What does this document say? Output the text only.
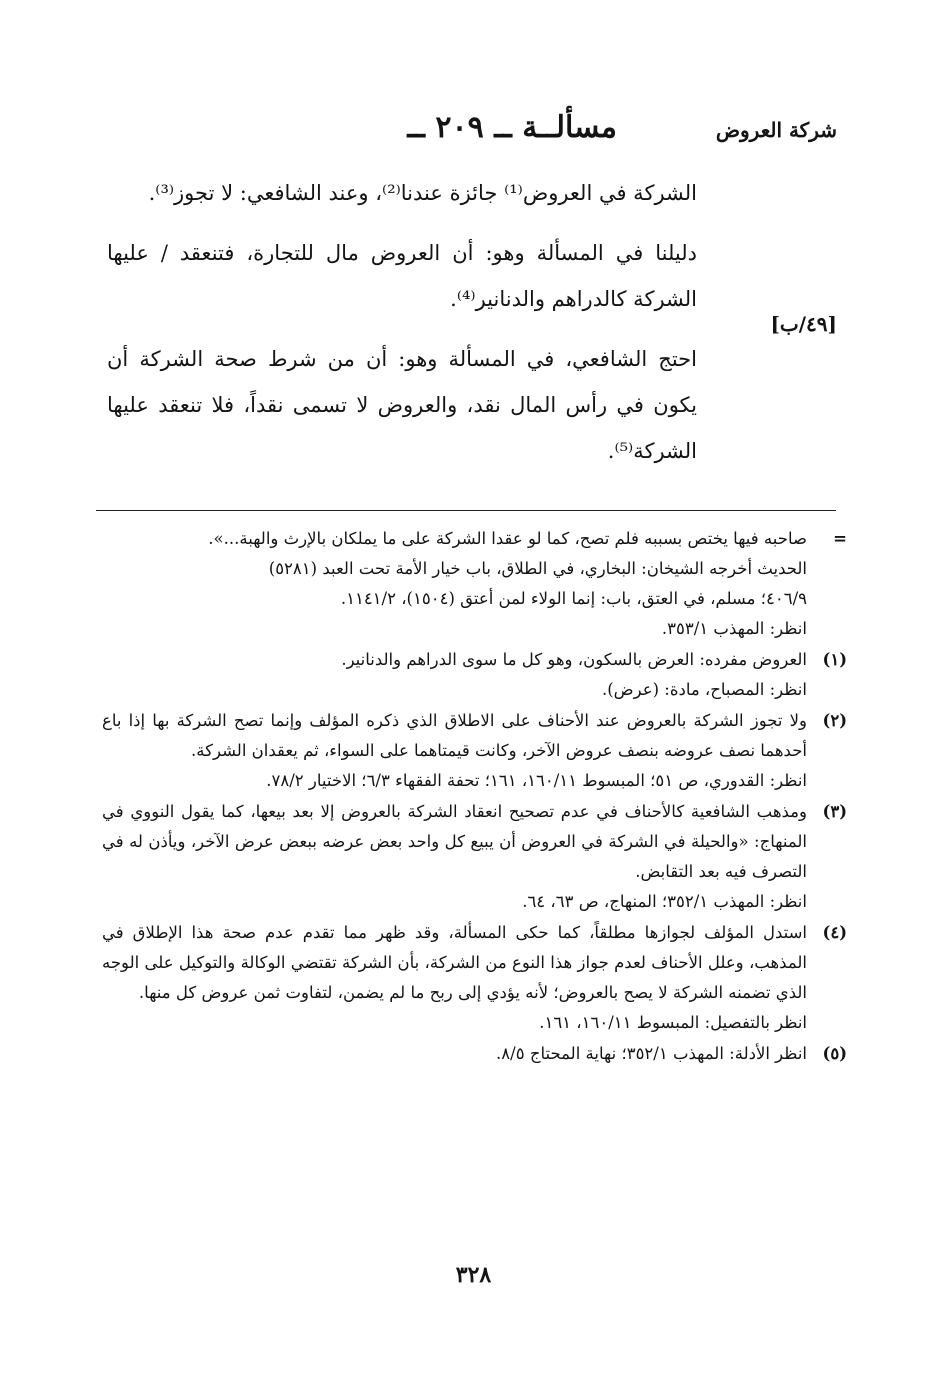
شركة العروض
مسألــة ــ ٢٠٩ ــ

الشركة في العروض⁽¹⁾ جائزة عندنا⁽²⁾، وعند الشافعي: لا تجوز⁽³⁾.

دليلنا في المسألة وهو: أن العروض مال للتجارة، فتنعقد / عليها الشركة كالدراهم والدنانير⁽⁴⁾.

احتج الشافعي، في المسألة وهو: أن من شرط صحة الشركة أن يكون في رأس المال نقد، والعروض لا تسمى نقداً، فلا تنعقد عليها الشركة⁽⁵⁾.

[٤٩/ب]
=
صاحبه فيها يختص بسببه فلم تصح، كما لو عقدا الشركة على ما يملكان بالإرث والهبة...».
الحديث أخرجه الشيخان: البخاري، في الطلاق، باب خيار الأمة تحت العبد (٥٢٨١)
٤٠٦/٩؛ مسلم، في العتق، باب: إنما الولاء لمن أعتق (١٥٠٤)، ١١٤١/٢.
انظر: المهذب ٣٥٣/١.
(١)
العروض مفرده: العرض بالسكون، وهو كل ما سوى الدراهم والدنانير.
انظر: المصباح، مادة: (عرض).
(٢)
ولا تجوز الشركة بالعروض عند الأحناف على الاطلاق الذي ذكره المؤلف وإنما تصح الشركة بها إذا باع أحدهما نصف عروضه بنصف عروض الآخر، وكانت قيمتاهما على السواء، ثم يعقدان الشركة.
انظر: القدوري، ص ٥١؛ المبسوط ١٦٠/١١، ١٦١؛ تحفة الفقهاء ٦/٣؛ الاختيار ٧٨/٢.
(٣)
ومذهب الشافعية كالأحناف في عدم تصحيح انعقاد الشركة بالعروض إلا بعد بيعها، كما يقول النووي في المنهاج: «والحيلة في الشركة في العروض أن يبيع كل واحد بعض عرضه ببعض عرض الآخر، ويأذن له في التصرف فيه بعد التقابض.
انظر: المهذب ٣٥٢/١؛ المنهاج، ص ٦٣، ٦٤.
(٤)
استدل المؤلف لجوازها مطلقاً، كما حكى المسألة، وقد ظهر مما تقدم عدم صحة هذا الإطلاق في المذهب، وعلل الأحناف لعدم جواز هذا النوع من الشركة، بأن الشركة تقتضي الوكالة والتوكيل على الوجه الذي تضمنه الشركة لا يصح بالعروض؛ لأنه يؤدي إلى ربح ما لم يضمن، لتفاوت ثمن عروض كل منها.
انظر بالتفصيل: المبسوط ١٦٠/١١، ١٦١.
(٥)
انظر الأدلة: المهذب ٣٥٢/١؛ نهاية المحتاج ٨/٥.
٣٢٨
